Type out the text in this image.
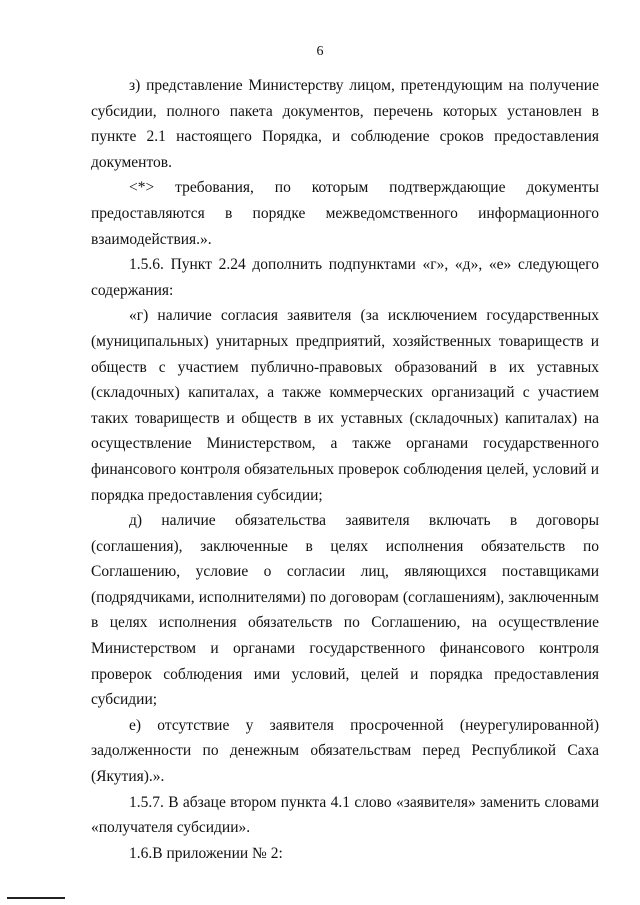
6

з) представление Министерству лицом, претендующим на получение субсидии, полного пакета документов, перечень которых установлен в пункте 2.1 настоящего Порядка, и соблюдение сроков предоставления документов.

<*> требования, по которым подтверждающие документы предоставляются в порядке межведомственного информационного взаимодействия.».

1.5.6. Пункт 2.24 дополнить подпунктами «г», «д», «е» следующего содержания:

«г) наличие согласия заявителя (за исключением государственных (муниципальных) унитарных предприятий, хозяйственных товариществ и обществ с участием публично-правовых образований в их уставных (складочных) капиталах, а также коммерческих организаций с участием таких товариществ и обществ в их уставных (складочных) капиталах) на осуществление Министерством, а также органами государственного финансового контроля обязательных проверок соблюдения целей, условий и порядка предоставления субсидии;

д) наличие обязательства заявителя включать в договоры (соглашения), заключенные в целях исполнения обязательств по Соглашению, условие о согласии лиц, являющихся поставщиками (подрядчиками, исполнителями) по договорам (соглашениям), заключенным в целях исполнения обязательств по Соглашению, на осуществление Министерством и органами государственного финансового контроля проверок соблюдения ими условий, целей и порядка предоставления субсидии;

е) отсутствие у заявителя просроченной (неурегулированной) задолженности по денежным обязательствам перед Республикой Саха (Якутия).».

1.5.7. В абзаце втором пункта 4.1 слово «заявителя» заменить словами «получателя субсидии».

1.6.В приложении № 2:
